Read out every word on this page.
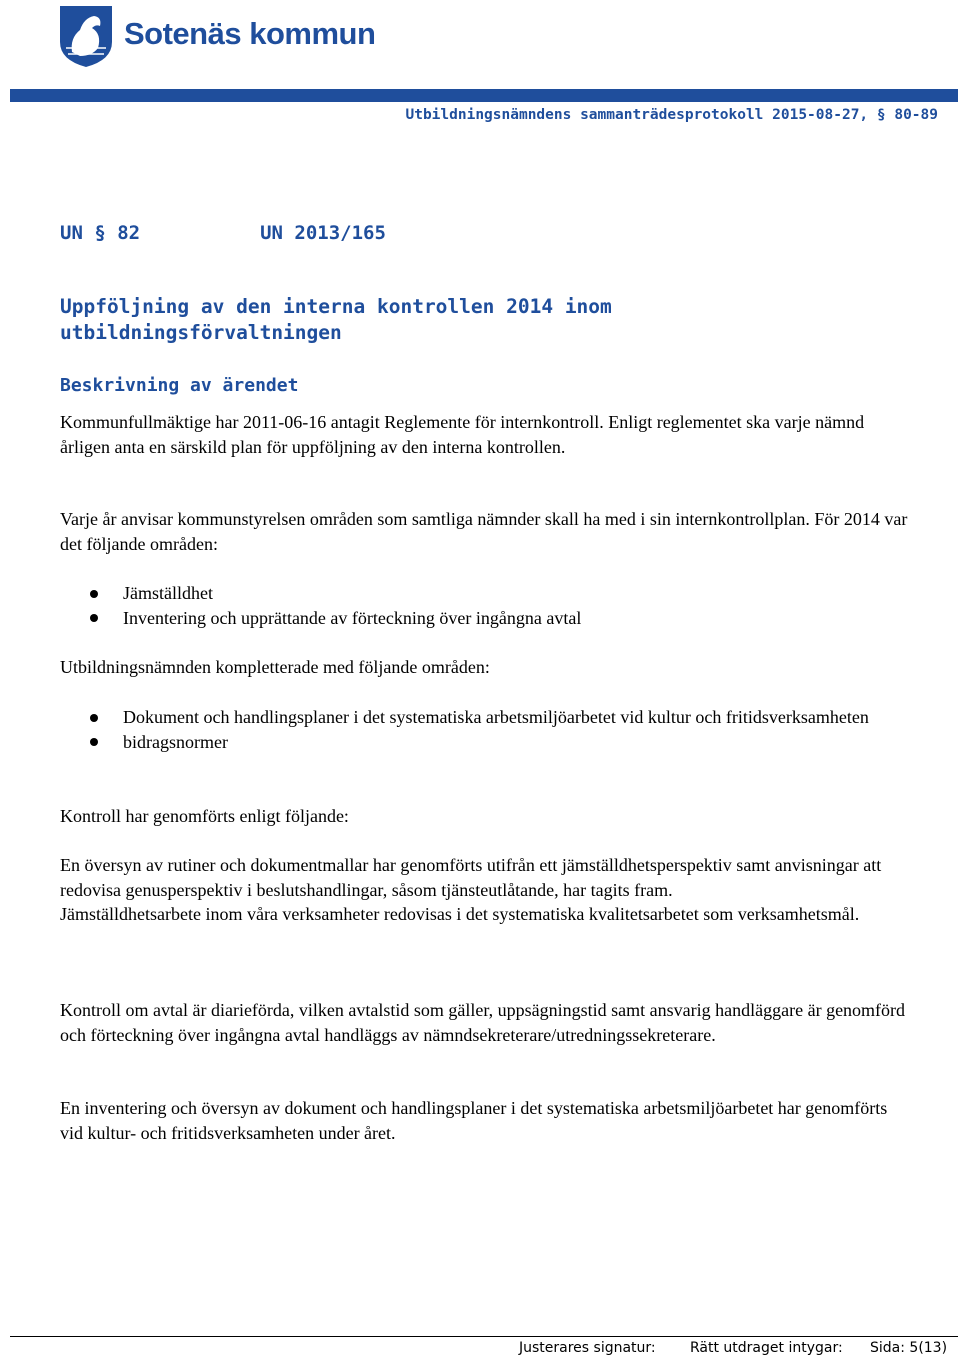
Sotenäs kommun
Utbildningsnämndens sammanträdesprotokoll 2015-08-27, § 80-89
UN § 82	UN 2013/165
Uppföljning av den interna kontrollen 2014 inom
utbildningsförvaltningen
Beskrivning av ärendet

Kommunfullmäktige har 2011-06-16 antagit Reglemente för internkontroll. Enligt reglementet ska varje nämnd årligen anta en särskild plan för uppföljning av den interna kontrollen.

Varje år anvisar kommunstyrelsen områden som samtliga nämnder skall ha med i sin internkontrollplan. För 2014 var det följande områden:

Jämställdhet
Inventering och upprättande av förteckning över ingångna avtal

Utbildningsnämnden kompletterade med följande områden:

Dokument och handlingsplaner i det systematiska arbetsmiljöarbetet vid kultur och fritidsverksamheten
bidragsnormer

Kontroll har genomförts enligt följande:

En översyn av rutiner och dokumentmallar har genomförts utifrån ett jämställdhetsperspektiv samt anvisningar att redovisa genusperspektiv i beslutshandlingar, såsom tjänsteutlåtande, har tagits fram.

Jämställdhetsarbete inom våra verksamheter redovisas i det systematiska kvalitetsarbetet som verksamhetsmål.

Kontroll om avtal är diarieförda, vilken avtalstid som gäller, uppsägningstid samt ansvarig handläggare är genomförd och förteckning över ingångna avtal handläggs av nämndsekreterare/utredningssekreterare.

En inventering och översyn av dokument och handlingsplaner i det systematiska arbetsmiljöarbetet har genomförts vid kultur- och fritidsverksamheten under året.

Justerares signatur: Rätt utdraget intygar: Sida: 5(13)
